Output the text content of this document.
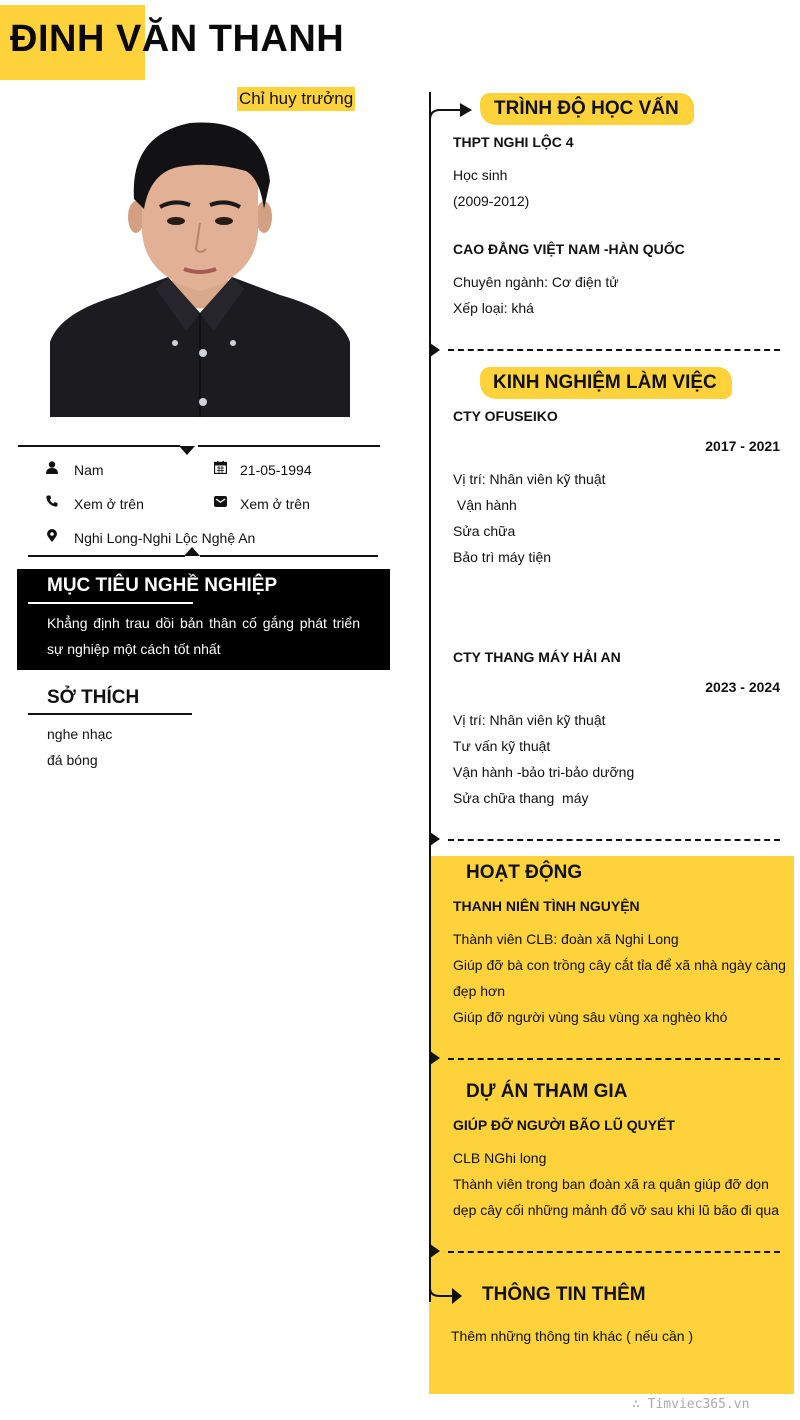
ĐINH VĂN THANH
Chỉ huy trưởng
Nam	21-05-1994
Xem ở trên	Xem ở trên
Nghi Long-Nghi Lộc Nghệ An
MỤC TIÊU NGHỀ NGHIỆP
Khẳng định trau dồi bản thân cố gắng phát triển sự nghiệp một cách tốt nhất
SỞ THÍCH
nghe nhạc
đá bóng
TRÌNH ĐỘ HỌC VẤN
THPT NGHI LỘC 4
Học sinh
(2009-2012)
CAO ĐẲNG VIỆT NAM -HÀN QUỐC
Chuyên ngành: Cơ điện tử
Xếp loại: khá
KINH NGHIỆM LÀM VIỆC
CTY OFUSEIKO
2017 - 2021
Vị trí: Nhân viên kỹ thuật
Vận hành
Sửa chữa
Bảo trì máy tiện
CTY THANG MÁY HẢI AN
2023 - 2024
Vị trí: Nhân viên kỹ thuật
Tư vấn kỹ thuật
Vận hành -bảo tri-bảo dưỡng
Sửa chữa thang  máy
HOẠT ĐỘNG
THANH NIÊN TÌNH NGUYỆN
Thành viên CLB: đoàn xã Nghi Long
Giúp đỡ bà con trồng cây cắt tỉa để xã nhà ngày càng
đẹp hơn
Giúp đỡ người vùng sâu vùng xa nghèo khó
DỰ ÁN THAM GIA
GIÚP ĐỠ NGƯỜI BÃO LŨ QUYẾT
CLB NGhi long
Thành viên trong ban đoàn xã ra quân giúp đỡ dọn
dẹp cây cối những mảnh đổ vỡ sau khi lũ bão đi qua
THÔNG TIN THÊM
Thêm những thông tin khác ( nếu cần )
∴ Timviec365.vn
